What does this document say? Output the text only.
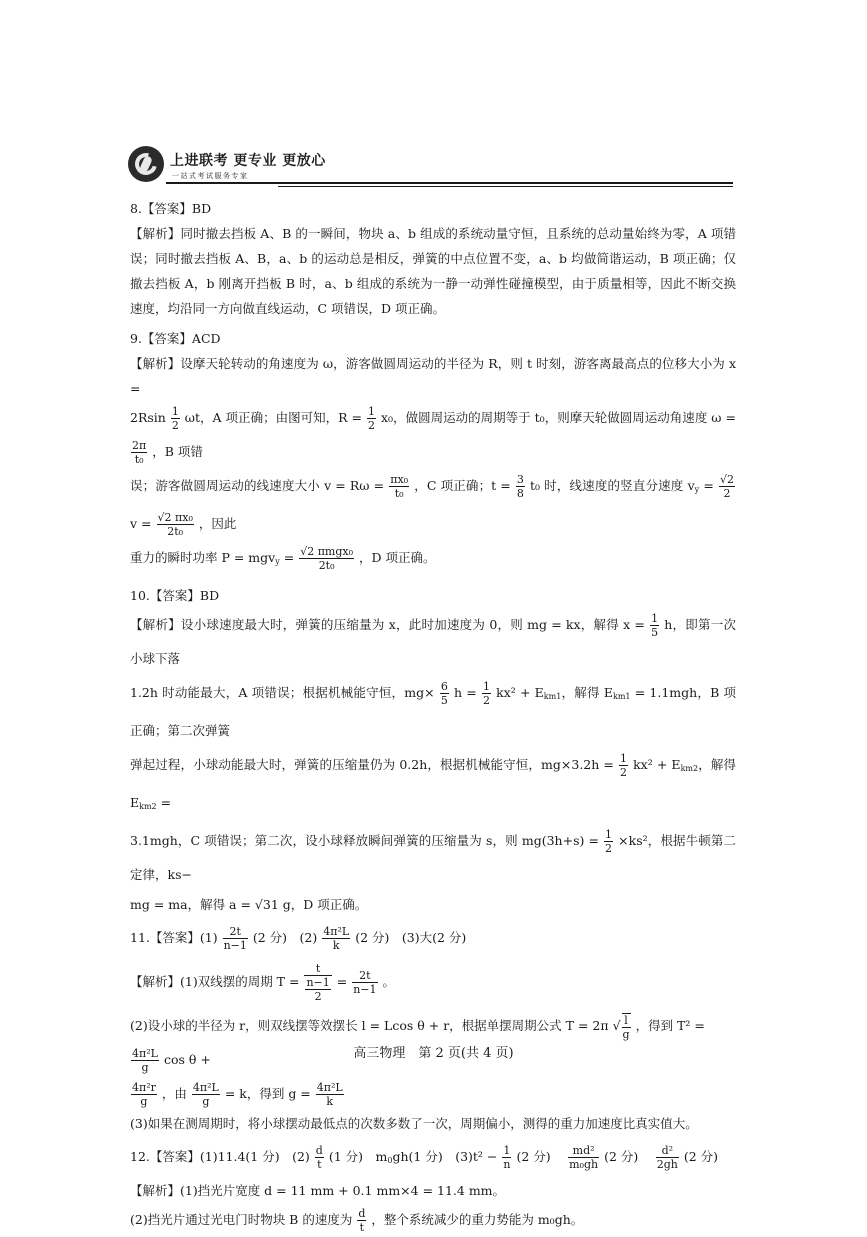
上进联考 更专业 更放心
一站式考试服务专家

8.【答案】BD

【解析】同时撤去挡板 A、B 的一瞬间，物块 a、b 组成的系统动量守恒，且系统的总动量始终为零，A 项错误；同时撤去挡板 A、B，a、b 的运动总是相反，弹簧的中点位置不变，a、b 均做简谐运动，B 项正确；仅撤去挡板 A，b 刚离开挡板 B 时，a、b 组成的系统为一静一动弹性碰撞模型，由于质量相等，因此不断交换速度，均沿同一方向做直线运动，C 项错误，D 项正确。

9.【答案】ACD

【解析】设摩天轮转动的角速度为 ω，游客做圆周运动的半径为 R，则 t 时刻，游客离最高点的位移大小为 x =
$2Rsin \frac{1}{2}$ ωt，A 项正确；由图可知，$R = \frac{1}{2} x_0$，做圆周运动的周期等于 t₀，则摩天轮做圆周运动角速度 ω =
$\frac{2\pi}{\text{t₀}}$ ，B 项错
误；游客做圆周运动的线速度大小 $v = R\omega = \frac{\text{πx₀}}{\text{t₀}}$ ，C 项正确；$t = \frac{3}{8} t_0$ 时，线速度的竖直分速度 $v_y = \frac{√2}{2}$
$v = \frac{\text{√2 πx₀}}{\text{2t₀}}$ ，因此
重力的瞬时功率 P = mgv$_y$ = √2 πmgx₀
2t₀
，D 项正确。

10.【答案】BD

【解析】设小球速度最大时，弹簧的压缩量为 x，此时加速度为 0，则 mg = kx，解得 $x = \frac{1}{5}$ h，即第一次小球下落
1.2h 时动能最大，A 项错误；根据机械能守恒，$mg\times \frac{6}{5}$ $h = \frac{1}{2} kx^2 + E_{km1}$，解得 $E_{km1} = 1.1mgh$，B 项正确；第二次弹簧
弹起过程，小球动能最大时，弹簧的压缩量仍为 0.2h，根据机械能守恒，$mg\times 3.2h = \frac{1}{2} kx^2 + E_{km2}$，解得 $E_{km2}$ =
3.1mgh，C 项错误；第二次，设小球释放瞬间弹簧的压缩量为 s，则 $mg(3h+s) = \frac{1}{2} \times ks^2$，根据牛顿第二定律，ks−
mg = ma，解得 a = √31 g，D 项正确。
11.【答案】$(1) \frac{2t}{n-1} (2$ 分)　$(2) \frac{\text{4π²L}}{k} (2$ 分)　(3)大(2 分)
【解析】(1)双线摆的周期 $T = \frac{t}{\frac{n-1}{2}} = \frac{2t}{n-1}$ 。
(2)设小球的半径为 r，则双线摆等效摆长 l = Lcos θ + r，根据单摆周期公式 T = 2π √ $\frac{l}{g}$ ，得到 T² =
$\frac{\text{4π²L}}{g}$ cos θ +
$\frac{\text{4π²r}}{g}$ ，由 $\frac{\text{4π²L}}{g} = k$，得到 $g = \frac{\text{4π²L}}{k}$
(3)如果在测周期时，将小球摆动最低点的次数多数了一次，周期偏小，测得的重力加速度比真实值大。
12.【答案】(1)11.4(1 分)　$(2) \frac{d}{t} (1$ 分)　$m_0gh(1$ 分)　$(3)t^2 - \frac{1}{n} (2$ 分)　 $\frac{\text{md²}}{\text{m₀gh}} (2$ 分)　 $\frac{\text{d²}}{2gh} (2$ 分)
【解析】(1)挡光片宽度 d = 11 mm + 0.1 mm×4 = 11.4 mm。
(2)挡光片通过光电门时物块 B 的速度为 $\frac{d}{t}$ ，整个系统减少的重力势能为 m₀gh。
高三物理　第 2 页(共 4 页)
